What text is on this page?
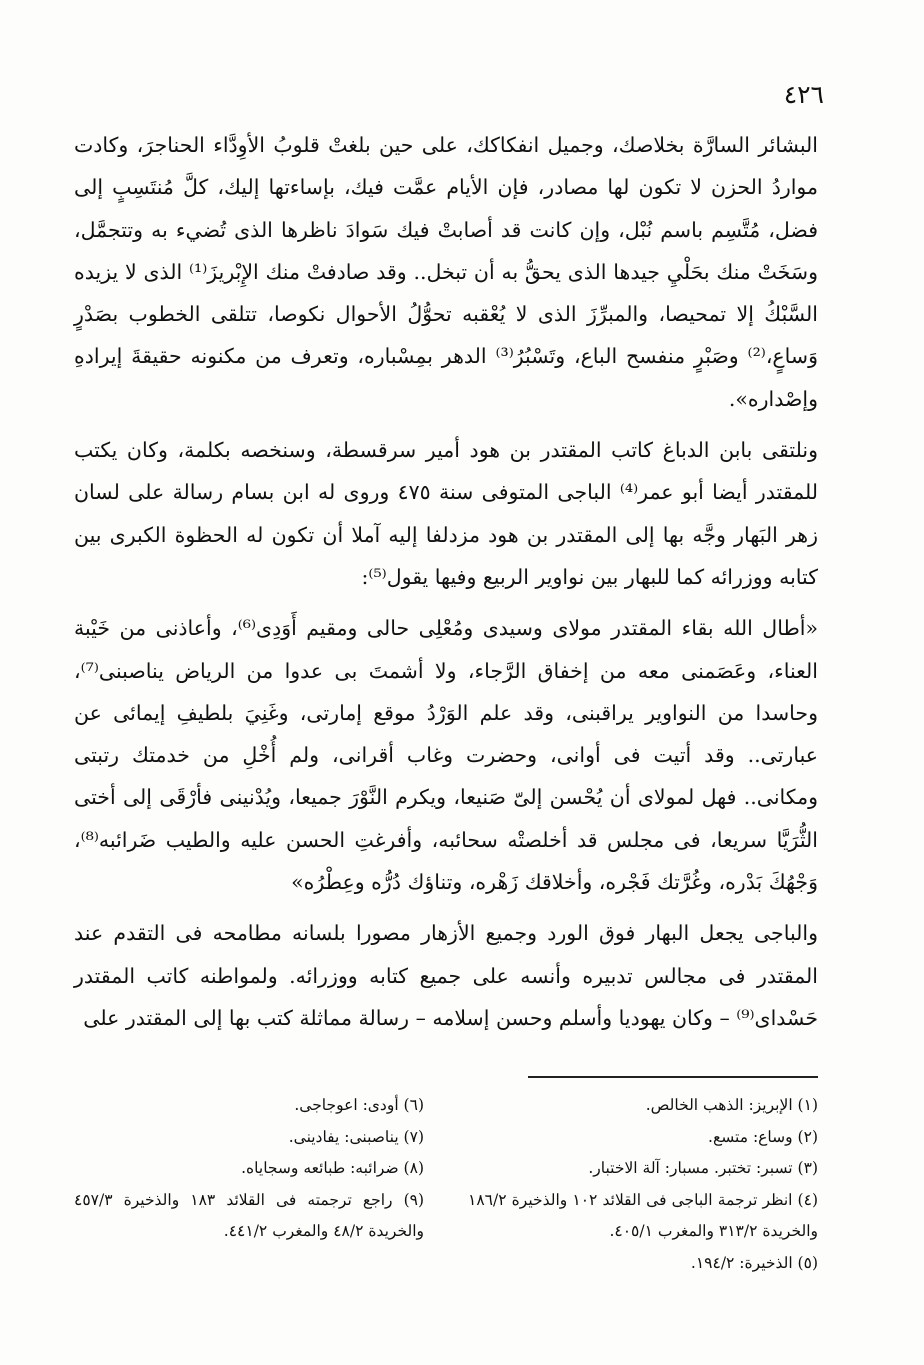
٤٢٦

البشائر السارَّة بخلاصك، وجميل انفكاكك، على حين بلغتْ قلوبُ الأوِدَّاء الحناجرَ، وكادت مواردُ الحزن لا تكون لها مصادر، فإن الأيام عمَّت فيك، بإساءتها إليك، كلَّ مُنتَسِبٍ إلى فضل، مُتَّسِم باسم نُبْل، وإن كانت قد أصابتْ فيك سَوادَ ناظرها الذى تُضيء به وتتجمَّل، وسَخَتْ منك بحَلْيِ جيدها الذى يحقُّ به أن تبخل.. وقد صادفتْ منك الإِبْريزَ⁽¹⁾ الذى لا يزيده السَّبْكُ إلا تمحيصا، والمبرِّزَ الذى لا يُعْقبه تحوُّلُ الأحوال نكوصا، تتلقى الخطوب بصَدْرٍ وَساعٍ،⁽²⁾ وصَبْرٍ منفسح الباع، وتَسْبُرُ⁽³⁾ الدهر بمِسْباره، وتعرف من مكنونه حقيقةَ إيرادهِ وإصْداره».

ونلتقى بابن الدباغ كاتب المقتدر بن هود أمير سرقسطة، وسنخصه بكلمة، وكان يكتب للمقتدر أيضا أبو عمر⁽⁴⁾ الباجى المتوفى سنة ٤٧٥ وروى له ابن بسام رسالة على لسان زهر البَهار وجَّه بها إلى المقتدر بن هود مزدلفا إليه آملا أن تكون له الحظوة الكبرى بين كتابه ووزرائه كما للبهار بين نواوير الربيع وفيها يقول⁽⁵⁾:

«أطال الله بقاء المقتدر مولاى وسيدى ومُعْلِى حالى ومقيم أَوَدِى⁽⁶⁾، وأعاذنى من خَيْبة العناء، وعَصَمنى معه من إخفاق الرَّجاء، ولا أشمتَ بى عدوا من الرياض يناصبنى⁽⁷⁾، وحاسدا من النواوير يراقبنى، وقد علم الوَرْدُ موقع إمارتى، وغَنِيَ بلطيفِ إيمائى عن عبارتى.. وقد أتيت فى أوانى، وحضرت وغاب أقرانى، ولم أُخْلِ من خدمتك رتبتى ومكانى.. فهل لمولاى أن يُحْسن إلىّ صَنيعا، ويكرم النَّوْرَ جميعا، ويُدْنينى فأرْقَى إلى أختى الثُّرَيَّا سريعا، فى مجلس قد أخلصتْه سحائبه، وأفرغتِ الحسن عليه والطيب ضَرائبه⁽⁸⁾، وَجْهُكَ بَدْره، وغُرَّتك فَجْره، وأخلاقك زَهْره، وتناؤك دُرُّه وعِطْرُه»

والباجى يجعل البهار فوق الورد وجميع الأزهار مصورا بلسانه مطامحه فى التقدم عند المقتدر فى مجالس تدبيره وأنسه على جميع كتابه ووزرائه. ولمواطنه كاتب المقتدر حَسْداى⁽⁹⁾ – وكان يهوديا وأسلم وحسن إسلامه – رسالة مماثلة كتب بها إلى المقتدر على

(١) الإبريز: الذهب الخالص.

(٢) وساع: متسع.

(٣) تسبر: تختبر. مسبار: آلة الاختبار.

(٤) انظر ترجمة الباجى فى القلائد ١٠٢ والذخيرة ١٨٦/٢ والخريدة ٣١٣/٢ والمغرب ٤٠٥/١.

(٥) الذخيرة: ١٩٤/٢.

(٦) أودى: اعوجاجى.

(٧) يناصبنى: يفادينى.

(٨) ضرائبه: طبائعه وسجاياه.

(٩) راجع ترجمته فى القلائد ١٨٣ والذخيرة ٤٥٧/٣ والخريدة ٤٨/٢ والمغرب ٤٤١/٢.
